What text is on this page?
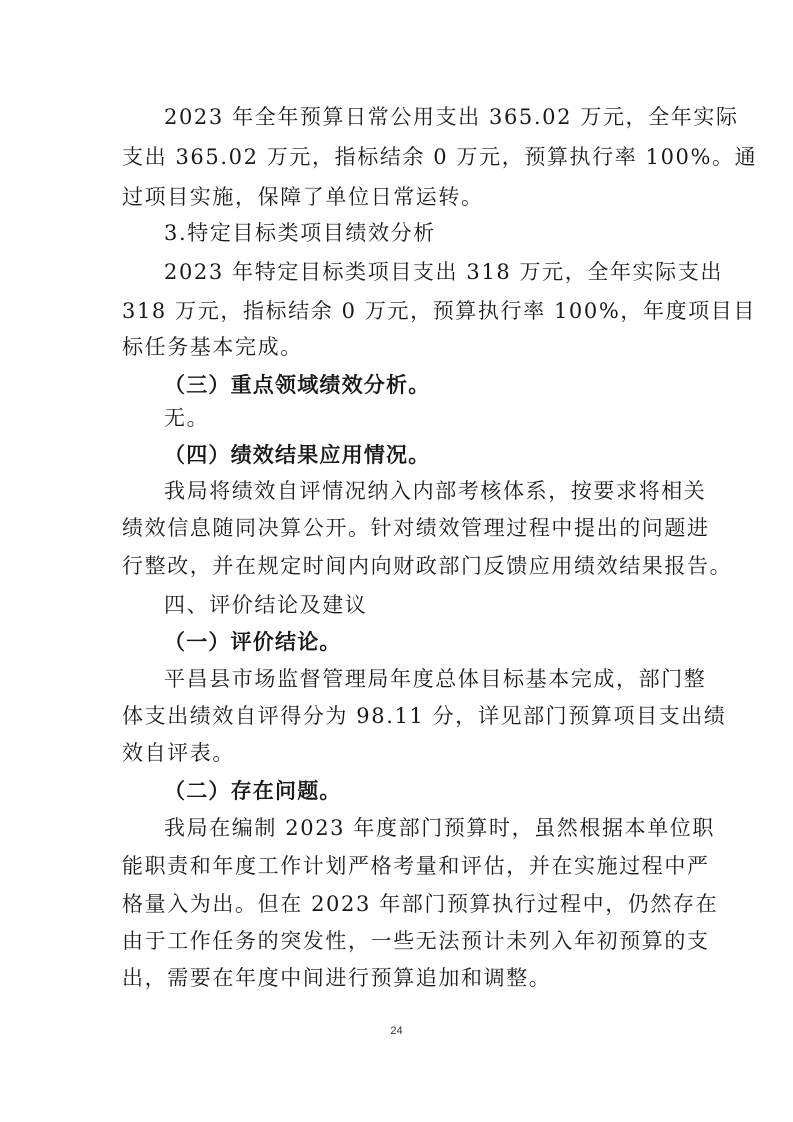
2023 年全年预算日常公用支出 365.02 万元，全年实际
支出 365.02 万元，指标结余 0 万元，预算执行率 100%。通
过项目实施，保障了单位日常运转。
3.特定目标类项目绩效分析
2023 年特定目标类项目支出 318 万元，全年实际支出
318 万元，指标结余 0 万元，预算执行率 100%，年度项目目
标任务基本完成。
（三）重点领域绩效分析。
无。
（四）绩效结果应用情况。
我局将绩效自评情况纳入内部考核体系，按要求将相关
绩效信息随同决算公开。针对绩效管理过程中提出的问题进
行整改，并在规定时间内向财政部门反馈应用绩效结果报告。
四、评价结论及建议
（一）评价结论。
平昌县市场监督管理局年度总体目标基本完成，部门整
体支出绩效自评得分为 98.11 分，详见部门预算项目支出绩
效自评表。
（二）存在问题。
我局在编制 2023 年度部门预算时，虽然根据本单位职
能职责和年度工作计划严格考量和评估，并在实施过程中严
格量入为出。但在 2023 年部门预算执行过程中，仍然存在
由于工作任务的突发性，一些无法预计未列入年初预算的支
出，需要在年度中间进行预算追加和调整。
24
